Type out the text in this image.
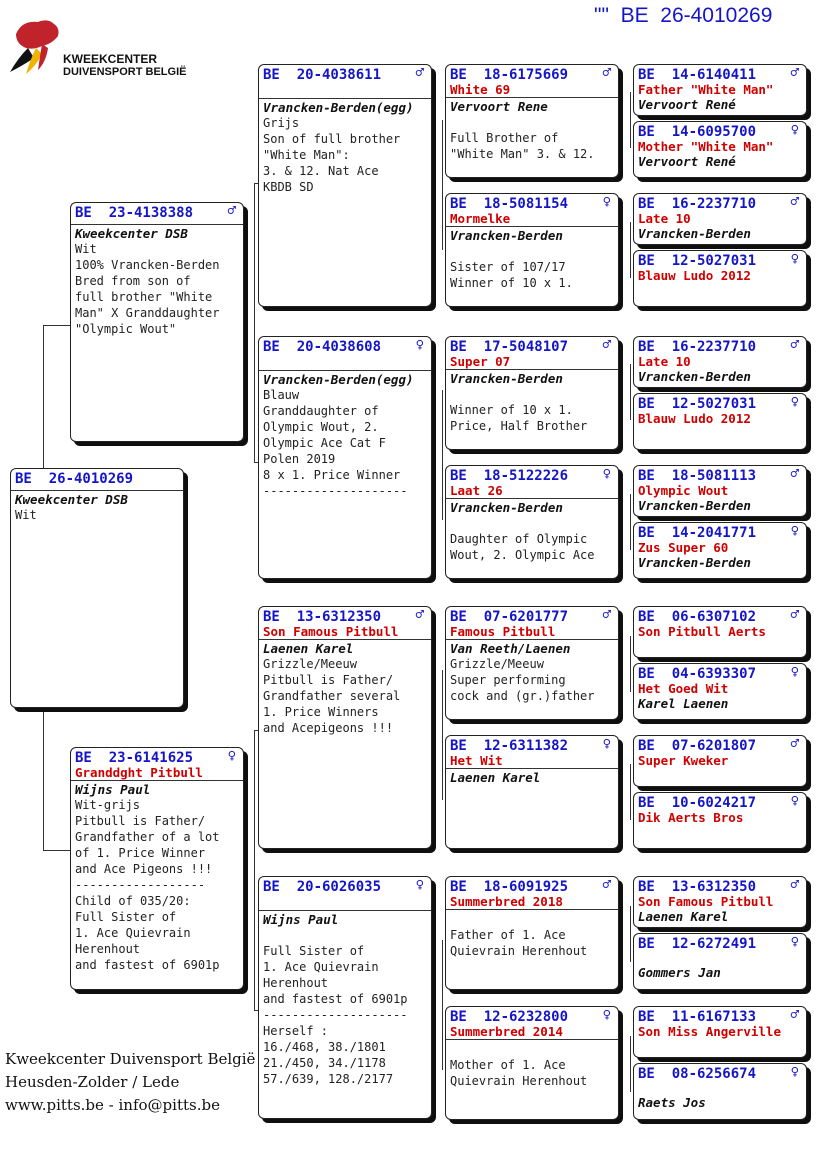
""  BE  26-4010269
KWEEKCENTER
DUIVENSPORT BELGIË
BE  26-4010269
Kweekcenter DSB
Wit
BE  23-4138388 ♂
Kweekcenter DSB
Wit
100% Vrancken-Berden
Bred from son of
full brother "White
Man" X Granddaughter
"Olympic Wout"
BE  23-6141625 ♀
Granddght Pitbull
Wijns Paul
Wit-grijs
Pitbull is Father/
Grandfather of a lot
of 1. Price Winner
and Ace Pigeons !!!
------------------
Child of 035/20:
Full Sister of
1. Ace Quievrain
Herenhout
and fastest of 6901p
BE  20-4038611 ♂
Vrancken-Berden(egg)
Grijs
Son of full brother
"White Man":
3. & 12. Nat Ace
KBDB SD
BE  20-4038608 ♀
Vrancken-Berden(egg)
Blauw
Granddaughter of
Olympic Wout, 2.
Olympic Ace Cat F
Polen 2019
8 x 1. Price Winner
--------------------
BE  13-6312350 ♂
Son Famous Pitbull
Laenen Karel
Grizzle/Meeuw
Pitbull is Father/
Grandfather several
1. Price Winners
and Acepigeons !!!
BE  20-6026035 ♀
Wijns Paul

Full Sister of
1. Ace Quievrain
Herenhout
and fastest of 6901p
--------------------
Herself :
16./468, 38./1801
21./450, 34./1178
57./639, 128./2177
BE  18-6175669 ♂
White 69
Vervoort Rene

Full Brother of
"White Man" 3. & 12.
BE  18-5081154 ♀
Mormelke
Vrancken-Berden

Sister of 107/17
Winner of 10 x 1.
BE  17-5048107 ♂
Super 07
Vrancken-Berden

Winner of 10 x 1.
Price, Half Brother
BE  18-5122226 ♀
Laat 26
Vrancken-Berden

Daughter of Olympic
Wout, 2. Olympic Ace
BE  07-6201777 ♂
Famous Pitbull
Van Reeth/Laenen
Grizzle/Meeuw
Super performing
cock and (gr.)father
BE  12-6311382 ♀
Het Wit
Laenen Karel
BE  18-6091925 ♂
Summerbred 2018

Father of 1. Ace
Quievrain Herenhout
BE  12-6232800 ♀
Summerbred 2014

Mother of 1. Ace
Quievrain Herenhout
BE  14-6140411 ♂
Father "White Man"
Vervoort René
BE  14-6095700 ♀
Mother "White Man"
Vervoort René
BE  16-2237710 ♂
Late 10
Vrancken-Berden
BE  12-5027031 ♀
Blauw Ludo 2012
BE  16-2237710 ♂
Late 10
Vrancken-Berden
BE  12-5027031 ♀
Blauw Ludo 2012
BE  18-5081113 ♂
Olympic Wout
Vrancken-Berden
BE  14-2041771 ♀
Zus Super 60
Vrancken-Berden
BE  06-6307102 ♂
Son Pitbull Aerts
BE  04-6393307 ♀
Het Goed Wit
Karel Laenen
BE  07-6201807 ♂
Super Kweker
BE  10-6024217 ♀
Dik Aerts Bros
BE  13-6312350 ♂
Son Famous Pitbull
Laenen Karel
BE  12-6272491 ♀
Gommers Jan
BE  11-6167133 ♂
Son Miss Angerville
BE  08-6256674 ♀
Raets Jos
Kweekcenter Duivensport België
Heusden-Zolder / Lede
www.pitts.be - info@pitts.be
